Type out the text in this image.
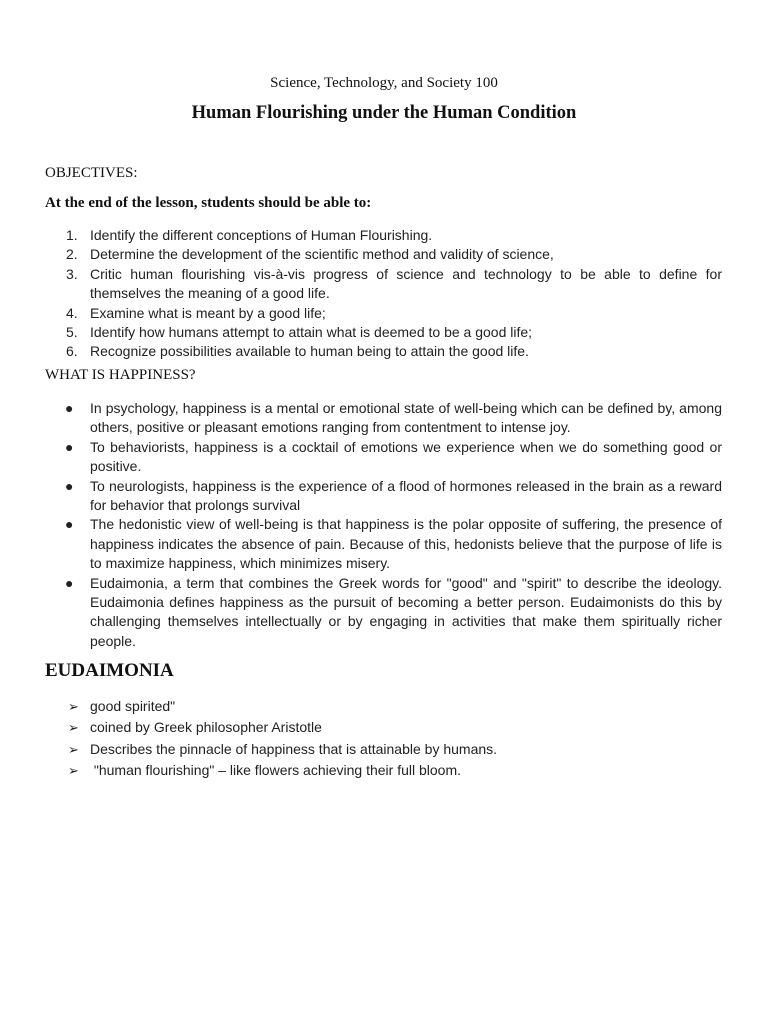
Science, Technology, and Society 100
Human Flourishing under the Human Condition
OBJECTIVES:
At the end of the lesson, students should be able to:
1. Identify the different conceptions of Human Flourishing.
2. Determine the development of the scientific method and validity of science,
3. Critic human flourishing vis-à-vis progress of science and technology to be able to define for themselves the meaning of a good life.
4. Examine what is meant by a good life;
5. Identify how humans attempt to attain what is deemed to be a good life;
6. Recognize possibilities available to human being to attain the good life.
WHAT IS HAPPINESS?
● In psychology, happiness is a mental or emotional state of well-being which can be defined by, among others, positive or pleasant emotions ranging from contentment to intense joy.
● To behaviorists, happiness is a cocktail of emotions we experience when we do something good or positive.
● To neurologists, happiness is the experience of a flood of hormones released in the brain as a reward for behavior that prolongs survival
● The hedonistic view of well-being is that happiness is the polar opposite of suffering, the presence of happiness indicates the absence of pain. Because of this, hedonists believe that the purpose of life is to maximize happiness, which minimizes misery.
● Eudaimonia, a term that combines the Greek words for "good" and "spirit" to describe the ideology. Eudaimonia defines happiness as the pursuit of becoming a better person. Eudaimonists do this by challenging themselves intellectually or by engaging in activities that make them spiritually richer people.
EUDAIMONIA
➢ good spirited"
➢ coined by Greek philosopher Aristotle
➢ Describes the pinnacle of happiness that is attainable by humans.
➢ "human flourishing" – like flowers achieving their full bloom.
